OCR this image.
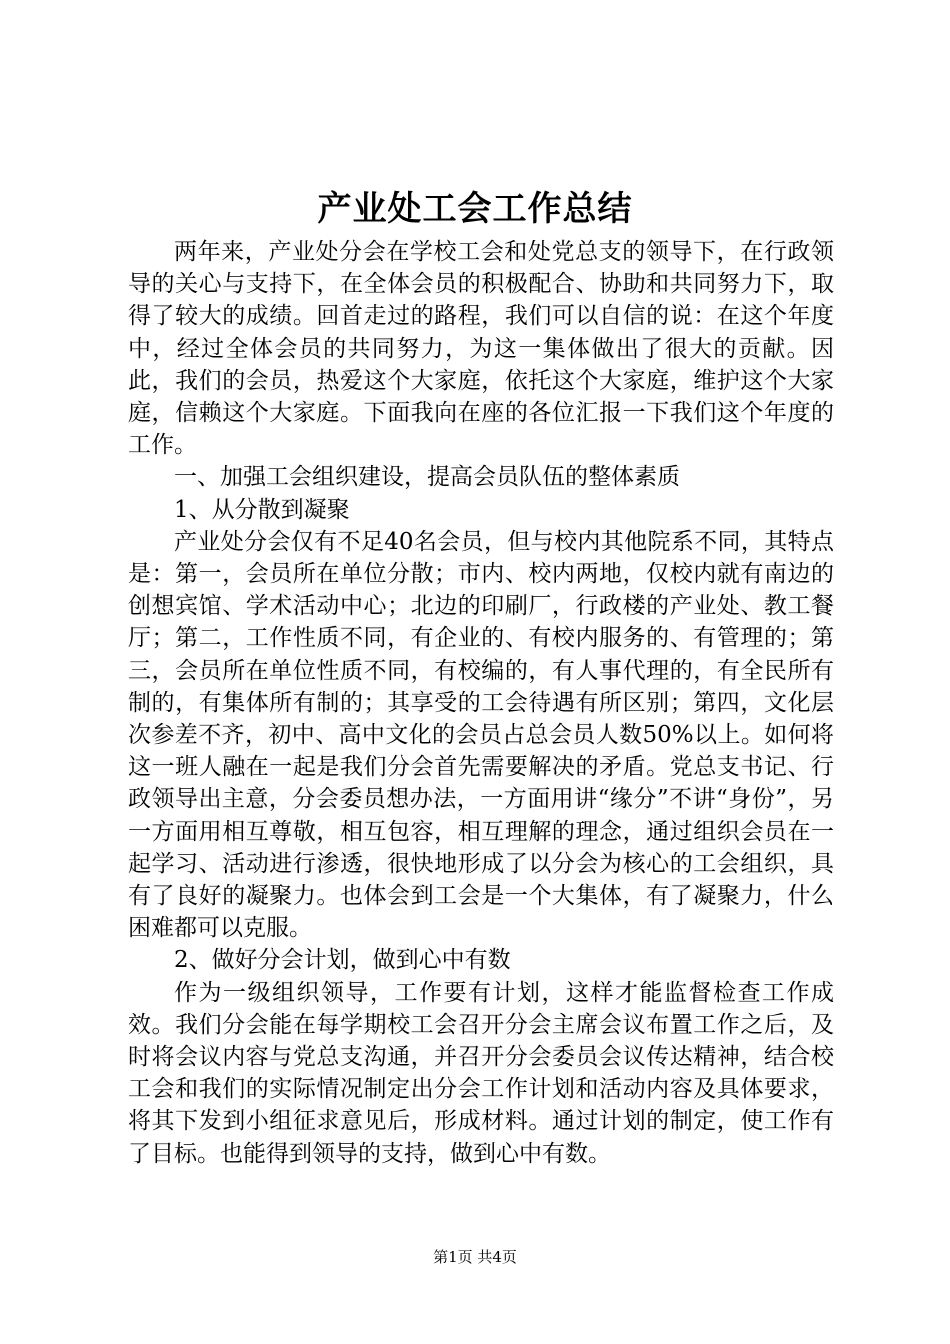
产业处工会工作总结

两年来，产业处分会在学校工会和处党总支的领导下，在行政领导的关心与支持下，在全体会员的积极配合、协助和共同努力下，取得了较大的成绩。回首走过的路程，我们可以自信的说：在这个年度中，经过全体会员的共同努力，为这一集体做出了很大的贡献。因此，我们的会员，热爱这个大家庭，依托这个大家庭，维护这个大家庭，信赖这个大家庭。下面我向在座的各位汇报一下我们这个年度的工作。

一、加强工会组织建设，提高会员队伍的整体素质

1、从分散到凝聚

产业处分会仅有不足40名会员，但与校内其他院系不同，其特点是：第一，会员所在单位分散；市内、校内两地，仅校内就有南边的创想宾馆、学术活动中心；北边的印刷厂，行政楼的产业处、教工餐厅；第二，工作性质不同，有企业的、有校内服务的、有管理的；第三，会员所在单位性质不同，有校编的，有人事代理的，有全民所有制的，有集体所有制的；其享受的工会待遇有所区别；第四，文化层次参差不齐，初中、高中文化的会员占总会员人数50%以上。如何将这一班人融在一起是我们分会首先需要解决的矛盾。党总支书记、行政领导出主意，分会委员想办法，一方面用讲“缘分”不讲“身份”，另一方面用相互尊敬，相互包容，相互理解的理念，通过组织会员在一起学习、活动进行渗透，很快地形成了以分会为核心的工会组织，具有了良好的凝聚力。也体会到工会是一个大集体，有了凝聚力，什么困难都可以克服。

2、做好分会计划，做到心中有数

作为一级组织领导，工作要有计划，这样才能监督检查工作成效。我们分会能在每学期校工会召开分会主席会议布置工作之后，及时将会议内容与党总支沟通，并召开分会委员会议传达精神，结合校工会和我们的实际情况制定出分会工作计划和活动内容及具体要求，将其下发到小组征求意见后，形成材料。通过计划的制定，使工作有了目标。也能得到领导的支持，做到心中有数。

第1页 共4页
